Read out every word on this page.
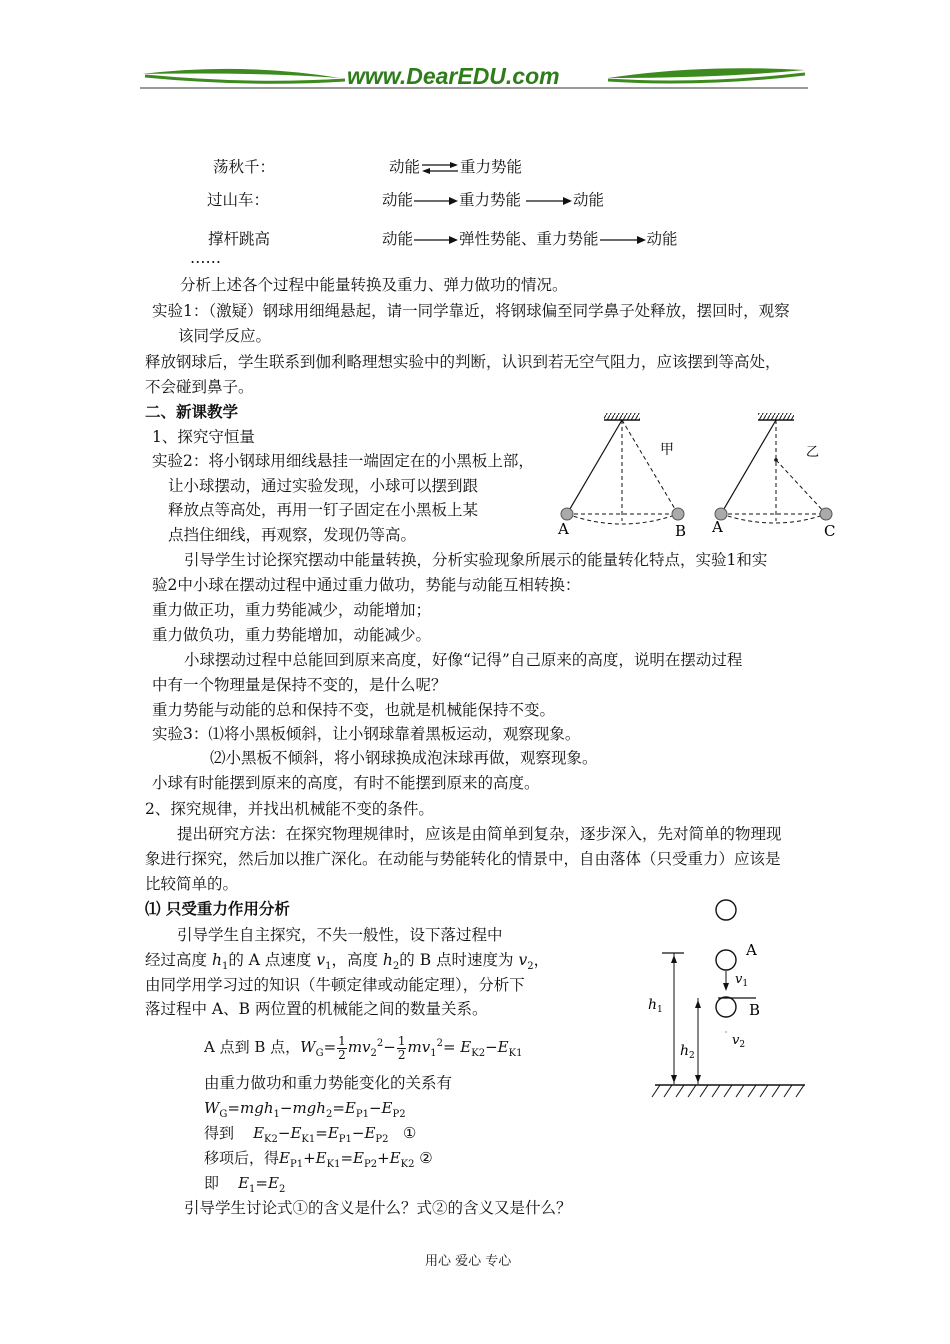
www.DearEDU.com
荡秋千：	动能	重力势能
过山车：	动能	重力势能	动能
撑杆跳高	动能	弹性势能、重力势能	动能
……
分析上述各个过程中能量转换及重力、弹力做功的情况。
实验1：（激疑）钢球用细绳悬起，请一同学靠近，将钢球偏至同学鼻子处释放，摆回时，观察
该同学反应。
释放钢球后，学生联系到伽利略理想实验中的判断，认识到若无空气阻力，应该摆到等高处，
不会碰到鼻子。
二、新课教学
1、探究守恒量
实验2：将小钢球用细线悬挂一端固定在的小黑板上部，
让小球摆动，通过实验发现，小球可以摆到跟
释放点等高处，再用一钉子固定在小黑板上某
点挡住细线，再观察，发现仍等高。
甲	乙
A	B A	C
引导学生讨论探究摆动中能量转换，分析实验现象所展示的能量转化特点，实验1和实
验2中小球在摆动过程中通过重力做功，势能与动能互相转换：
重力做正功，重力势能减少，动能增加；
重力做负功，重力势能增加，动能减少。
小球摆动过程中总能回到原来高度，好像“记得”自己原来的高度，说明在摆动过程
中有一个物理量是保持不变的，是什么呢？
重力势能与动能的总和保持不变，也就是机械能保持不变。
实验3：⑴将小黑板倾斜，让小钢球靠着黑板运动，观察现象。
⑵小黑板不倾斜，将小钢球换成泡沫球再做，观察现象。
小球有时能摆到原来的高度，有时不能摆到原来的高度。
2、探究规律，并找出机械能不变的条件。
提出研究方法：在探究物理规律时，应该是由简单到复杂，逐步深入，先对简单的物理现
象进行探究，然后加以推广深化。在动能与势能转化的情景中，自由落体（只受重力）应该是
比较简单的。
⑴ 只受重力作用分析
引导学生自主探究，不失一般性，设下落过程中
经过高度 $h_1$的 A 点速度 $v_1$，高度 $h_2$的 B 点时速度为 $v_2$，
由同学用学习过的知识（牛顿定律或动能定理），分析下
落过程中 A、B 两位置的机械能之间的数量关系。
A
B
$v_1$
$v_2$
$h_1$
$h_2$
A 点到 B 点，$W_G= \frac{1}{2} mv_2^2- \frac{1}{2} mv_1^2= E_{K2}-E_{K1}$
由重力做功和重力势能变化的关系有
$W_G=mgh_1-mgh_2=E_{P1}-E_{P2}$
得到 $E_{K2}-E_{K1}=E_{P1}-E_{P2}$ ①
移项后，得$E_{P1}+E_{K1}=E_{P2}+E_{K2}$ ②
即 $E_1=E_2$
引导学生讨论式①的含义是什么？式②的含义又是什么？
用心 爱心 专心
